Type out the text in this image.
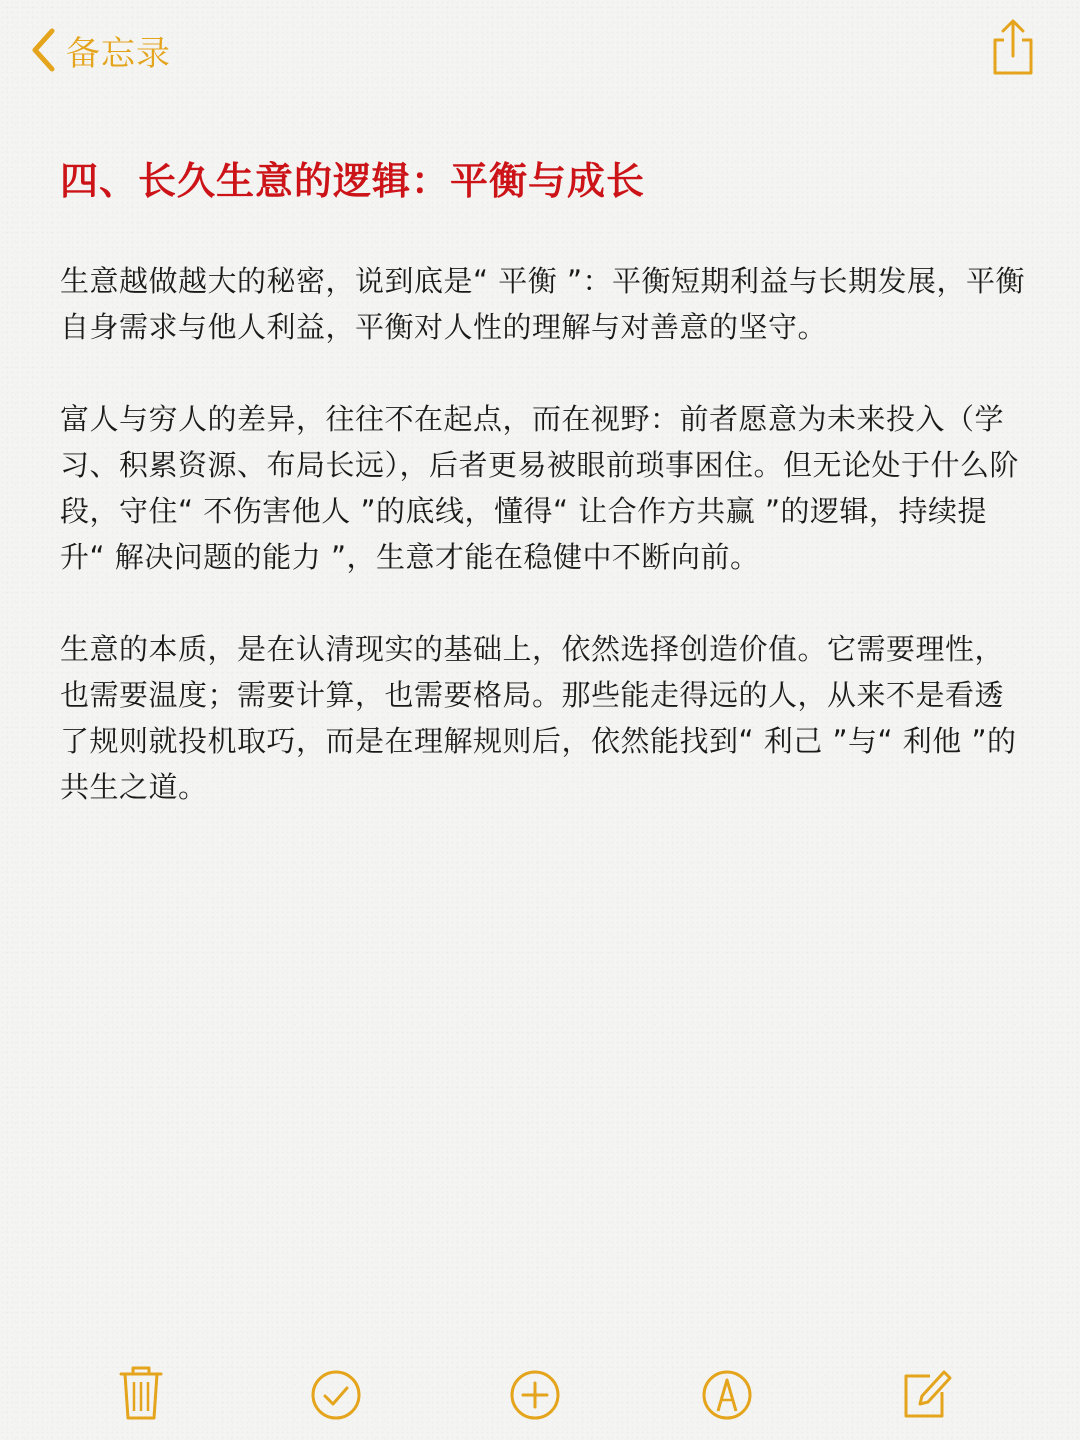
备忘录
四、长久生意的逻辑：平衡与成长

生意越做越大的秘密，说到底是“ 平衡 ”：平衡短期利益与长期发展，平衡自身需求与他人利益，平衡对人性的理解与对善意的坚守。

富人与穷人的差异，往往不在起点，而在视野：前者愿意为未来投入（学习、积累资源、布局长远），后者更易被眼前琐事困住。但无论处于什么阶段，守住“ 不伤害他人 ”的底线，懂得“ 让合作方共赢 ”的逻辑，持续提升“ 解决问题的能力 ”，生意才能在稳健中不断向前。

生意的本质，是在认清现实的基础上，依然选择创造价值。它需要理性，也需要温度；需要计算，也需要格局。那些能走得远的人，从来不是看透了规则就投机取巧，而是在理解规则后，依然能找到“ 利己 ”与“ 利他 ”的共生之道。
